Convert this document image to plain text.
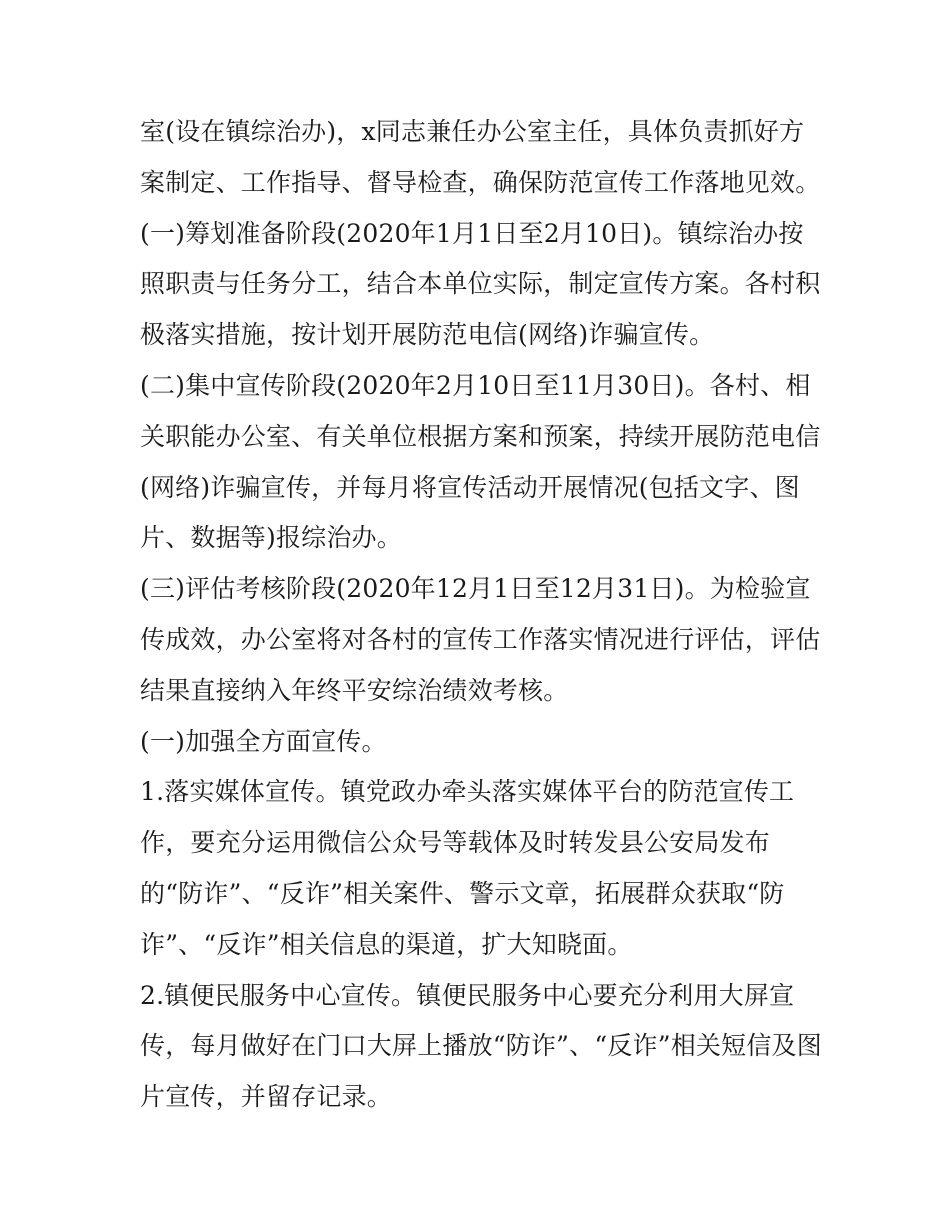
室(设在镇综治办)，x同志兼任办公室主任，具体负责抓好方
案制定、工作指导、督导检查，确保防范宣传工作落地见效。
(一)筹划准备阶段(2020年1月1日至2月10日)。镇综治办按
照职责与任务分工，结合本单位实际，制定宣传方案。各村积
极落实措施，按计划开展防范电信(网络)诈骗宣传。
(二)集中宣传阶段(2020年2月10日至11月30日)。各村、相
关职能办公室、有关单位根据方案和预案，持续开展防范电信
(网络)诈骗宣传，并每月将宣传活动开展情况(包括文字、图
片、数据等)报综治办。
(三)评估考核阶段(2020年12月1日至12月31日)。为检验宣
传成效，办公室将对各村的宣传工作落实情况进行评估，评估
结果直接纳入年终平安综治绩效考核。
(一)加强全方面宣传。
1.落实媒体宣传。镇党政办牵头落实媒体平台的防范宣传工
作，要充分运用微信公众号等载体及时转发县公安局发布
的“防诈”、“反诈”相关案件、警示文章，拓展群众获取“防
诈”、“反诈”相关信息的渠道，扩大知晓面。
2.镇便民服务中心宣传。镇便民服务中心要充分利用大屏宣
传，每月做好在门口大屏上播放“防诈”、“反诈”相关短信及图
片宣传，并留存记录。
